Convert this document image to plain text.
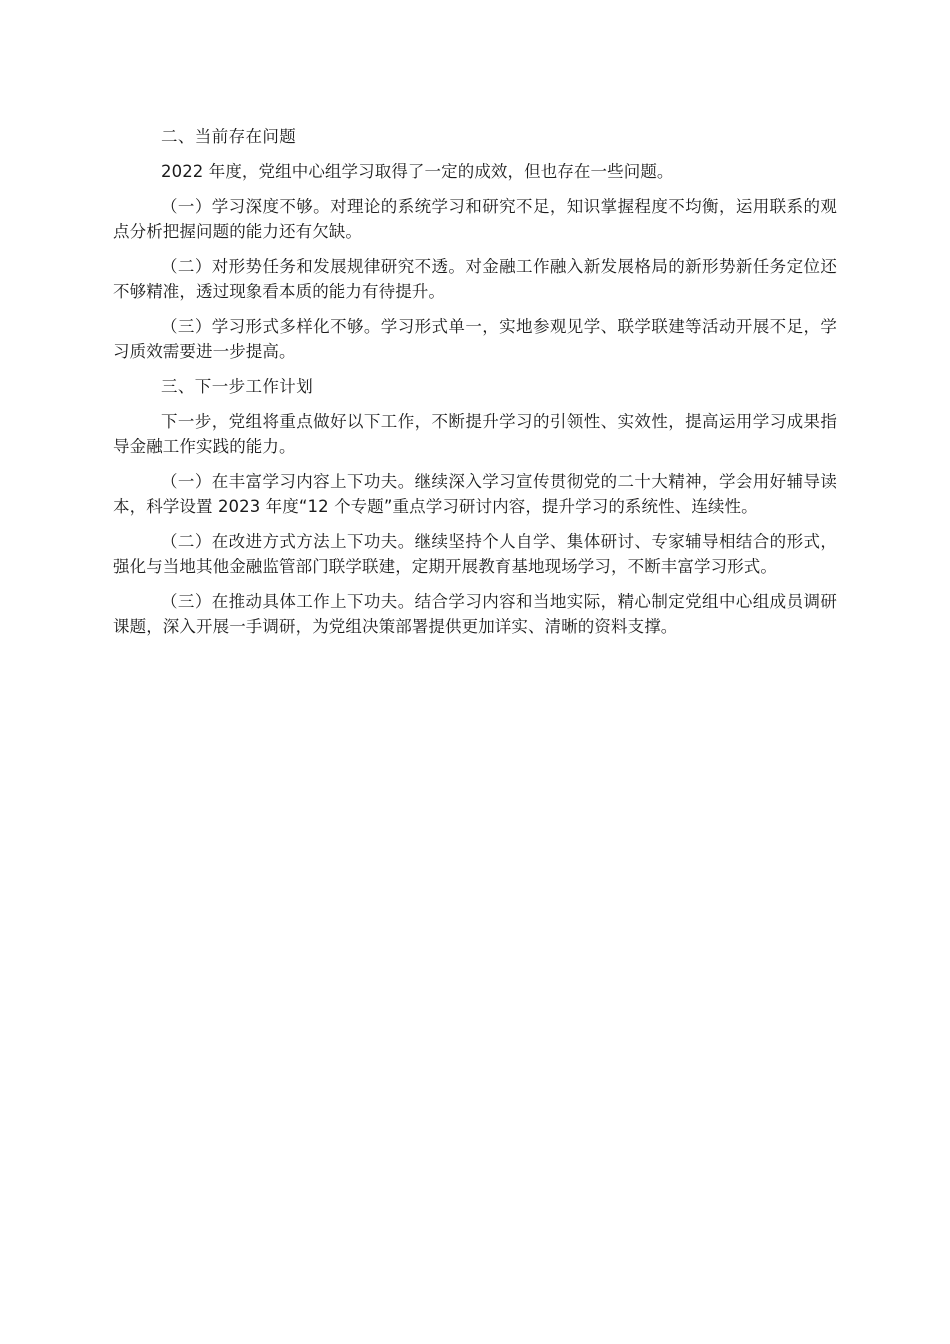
二、当前存在问题

2022 年度，党组中心组学习取得了一定的成效，但也存在一些问题。

（一）学习深度不够。对理论的系统学习和研究不足，知识掌握程度不均衡，运用联系的观点分析把握问题的能力还有欠缺。

（二）对形势任务和发展规律研究不透。对金融工作融入新发展格局的新形势新任务定位还不够精准，透过现象看本质的能力有待提升。

（三）学习形式多样化不够。学习形式单一，实地参观见学、联学联建等活动开展不足，学习质效需要进一步提高。

三、下一步工作计划

下一步，党组将重点做好以下工作，不断提升学习的引领性、实效性，提高运用学习成果指导金融工作实践的能力。

（一）在丰富学习内容上下功夫。继续深入学习宣传贯彻党的二十大精神，学会用好辅导读本，科学设置 2023 年度“12 个专题”重点学习研讨内容，提升学习的系统性、连续性。

（二）在改进方式方法上下功夫。继续坚持个人自学、集体研讨、专家辅导相结合的形式，强化与当地其他金融监管部门联学联建，定期开展教育基地现场学习，不断丰富学习形式。

（三）在推动具体工作上下功夫。结合学习内容和当地实际，精心制定党组中心组成员调研课题，深入开展一手调研，为党组决策部署提供更加详实、清晰的资料支撑。
